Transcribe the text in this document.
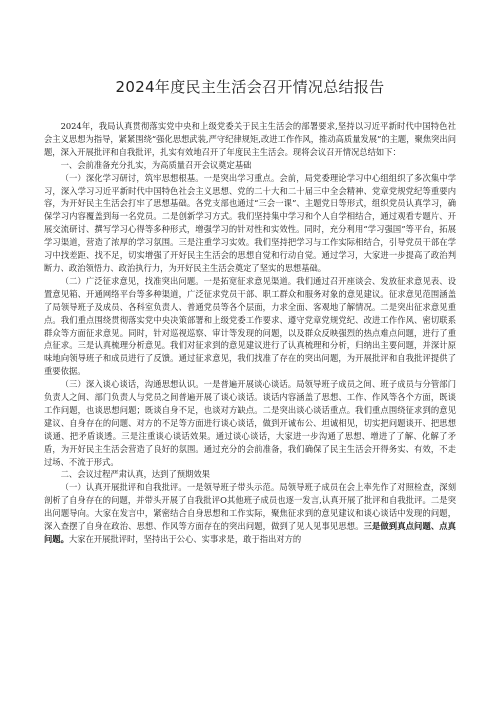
2024年度民主生活会召开情况总结报告

2024年，我局认真贯彻落实党中央和上级党委关于民主生活会的部署要求,坚持以习近平新时代中国特色社会主义思想为指导，紧紧围绕“强化思想武装,严守纪律规矩,改进工作作风，推动高质量发展”的主题，聚焦突出问题，深入开展批评和自我批评，扎实有效地召开了年度民主生活会。现将会议召开情况总结如下：

一、会前准备充分扎实，为高质量召开会议奠定基础

（一）深化学习研讨，筑牢思想根基。一是突出学习重点。会前，局党委理论学习中心组组织了多次集中学习，深入学习习近平新时代中国特色社会主义思想、党的二十大和二十届三中全会精神、党章党规党纪等重要内容，为开好民主生活会打牢了思想基础。各党支部也通过“三会一课”、主题党日等形式，组织党员认真学习，确保学习内容覆盖到每一名党员。二是创新学习方式。我们坚持集中学习和个人自学相结合，通过观看专题片、开展交流研讨、撰写学习心得等多种形式，增强学习的针对性和实效性。同时，充分利用“学习强国”等平台，拓展学习渠道，营造了浓厚的学习氛围。三是注重学习实效。我们坚持把学习与工作实际相结合，引导党员干部在学习中找差距、找不足，切实增强了开好民主生活会的思想自觉和行动自觉。通过学习，大家进一步提高了政治判断力、政治领悟力、政治执行力，为开好民主生活会奠定了坚实的思想基础。

（二）广泛征求意见，找准突出问题。一是拓宽征求意见渠道。我们通过召开座谈会、发放征求意见表、设置意见箱、开通网络平台等多种渠道，广泛征求党员干部、职工群众和服务对象的意见建议。征求意见范围涵盖了局领导班子及成员、各科室负责人、普通党员等各个层面，力求全面、客观地了解情况。二是突出征求意见重点。我们重点围绕贯彻落实党中央决策部署和上级党委工作要求、遵守党章党规党纪、改进工作作风、密切联系群众等方面征求意见。同时，针对巡视巡察、审计等发现的问题，以及群众反映强烈的热点难点问题，进行了重点征求。三是认真梳理分析意见。我们对征求到的意见建议进行了认真梳理和分析，归纳出主要问题，并深计原味地向领导班子和成员进行了反馈。通过征求意见，我们找准了存在的突出问题，为开展批评和自我批评提供了重要依据。

（三）深入谈心谈话，沟通思想认识。一是普遍开展谈心谈话。局领导班子成员之间、班子成员与分管部门负责人之间、部门负责人与党员之间普遍开展了谈心谈话。谈话内容涵盖了思想、工作、作风等各个方面，既谈工作问题，也谈思想问题；既谈自身不足，也谈对方缺点。二是突出谈心谈话重点。我们重点围绕征求到的意见建议、自身存在的问题、对方的不足等方面进行谈心谈话，做到开诚布公、坦诚相见，切实把问题谈开、把思想谈通、把矛盾谈透。三是注重谈心谈话效果。通过谈心谈话，大家进一步沟通了思想、增进了了解、化解了矛盾，为开好民主生活会营造了良好的氛围。通过充分的会前准备，我们确保了民主生活会开得务实、有效，不走过场、不流于形式。

二、会议过程严肃认真，达到了预期效果

（一）认真开展批评和自我批评。一是领导班子带头示范。局领导班子成员在会上率先作了对照检查，深刻剖析了自身存在的问题，并带头开展了自我批评O其他班子成员也逐一发言,认真开展了批评和自我批评。二是突出问题导向。大家在发言中，紧密结合自身思想和工作实际，聚焦征求到的意见建议和谈心谈话中发现的问题，深入查摆了自身在政治、思想、作风等方面存在的突出问题，做到了见人见事见思想。三是做到真点问题、点真问题。大家在开展批评时，坚持出于公心、实事求是，敢于指出对方的
